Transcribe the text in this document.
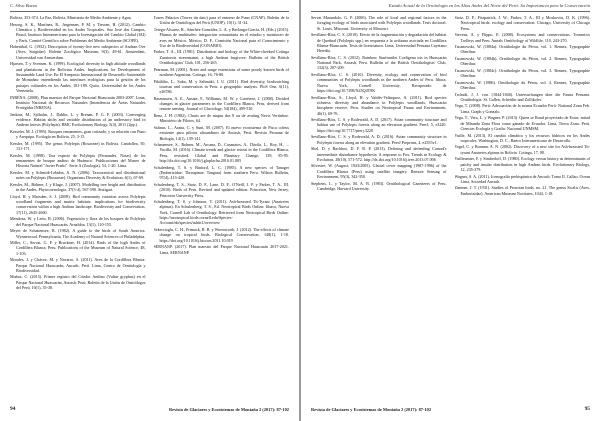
C. Silva Baeza

Bolivia, 353-374. La Paz, Bolivia, Ministerio de Medio Ambiente y Agua.

Herzog, S. K., Martínez, R., Jørgensen, P. M. y Tiessen, H. (2012). Cambio Climático y Biodiversidad en los Andes Tropicales. Sao José dos Campos, Brasil, Instituto Interamericano para la Investigación del Cambio Global (IAI) y París, Comité Científico sobre Problemas del Medio Ambiente (SCOPE).

Hohenthal, G. (1952). Description of twenty-five new subspecies of Andean Ove (Aves, Strigidae). Boletín Zoológico Museum, 9(3), 49-61. Amsterdam, Universidad van Amsterdam.

Hjarsen, T. y Svensen, K. (1999). Ecological diversity in high altitude woodlands and plantations in the Bolivian Andes. Implications for Development of Sustainable Land Use. En El Simposio Internacional de Desarrollo Sustentable de Montañas: entendiendo las interfases ecológicas para la gestión de los paisajes culturales en los Andes, 181-189. Quito, Universidad de los Andes Venezuela.

INRENA. (2008). Plan maestro del Parque Nacional Huascarán 2003-2007. Lima, Instituto Nacional de Recursos Naturales (Intendencia de Áreas Naturales Protegidas INRENA).

Jenkins, M., Sjöholm, J., Dahlin, L. y Brenan, P. G. F. (2003). Converging evidence. Habitat shifts and variable distribution of an understory bird in Andean forests (Polylepis). BMC Evolutionary Biology, 5(4), 2011 (2pp.).

Kesseler, M. J. (1995). Bosques remanentes, gran cotizado, y su relación con Puno y Arequipa. Ecología en Bolivia, 25, 3-15.

Kessler, M. (1995). The genus Polylepis (Rosaceae) in Bolivia. Candollea, 50, 131-171.

Kessler, M. (1998). Una especie de Polylepis (Fernandes, Notas) de los remanentes de bosque andino de Huánuco. Publicaciones del Museo de Historia Natural "Javier Prado". Serie A (Zoología), 54, 1-20. Lima.

Kessler, M. y Schmidt-Lebuhn, A. N. (2006). Taxonomical and distributional notes on Polylepis (Rosaceae). Organisms Diversity & Evolution, 6(1), 67-69.

Kessler, M., Böhner, J. y Kluge, J. (2007). Modelling tree height and distribution in the Andes. Phytocoenologia, 37(3-4), 567-590. Stuttgart.

Lloyd, H. y Marsden, S. J. (2008). Bird community variation across Polylepis woodland fragments and matrix habitats: implications for biodiversity conservation within a high Andean landscape. Biodiversity and Conservation, 17(11), 2645-2660.

Mendoza, W. y León, B. (2006). Vegetación y flora de los bosques de Polylepis del Parque Nacional Huascarán. Arnaldoa, 13(1), 110-155.

Meyer de Schauensee, R. (1982). A guide to the birds of South America. Wynnewood, Pennsylvania, The Academy of Natural Sciences of Philadelphia.

Miller, C., Servat, G. P. y Bruckner, H. (2014). Birds of the high Andes of Cordillera Blanca, Peru. Publications of the Museum of Natural Science, 48, 1-103.

Morales, J. y Chávez, M. y Navarro, S. (2011). Aves de la Cordillera Blanca: Parque Nacional Huascarán, Ancash, Perú. Lima, Centro de Ornitología y Biodiversidad.

Muñoz, C. (2015). Primer registro del Cóndor Andino (Vultur gryphus) en el Parque Nacional Huascarán, Ancash, Perú. Boletín de la Unión de Ornitólogos del Perú, 10(1), 35-38.

Torres Palacios (Torres tin dato) para el entorno de Puno (CNAP). Boletín de la Unión de Ornitólogos del Perú (UNOP), 10(1), 31-34.

Ortega-Alvarez, R., Sánchez-González, L. A. y Berlanga-García, H. (Eds.) (2015). Plumas de multitudes: integración comunitaria en el estudio y monitoreo de aves en México. México, D. F., Comisión Nacional para el Conocimiento y Uso de la Biodiversidad (CONABIO).

Parker, T. A., III. (1981). Distribution and biology of the White-cheeked Cotinga Zaratornis stresemanni, a high Andean frugivore. Bulletin of the British Ornithologists' Club, 101, 256-265.

Pearman, M. (2001). Notes and range extensions of some poorly known birds of northern Argentina. Cotinga, 16, 76-80.

Pikäläho, L., Suba, M. y Salimäki, I. U. (2011). Bird diversity, birdwatching tourism and conservation in Peru: a geographic analysis. PloS One, 6(11), e26786.

Rasmussen, A. E., Ansate, F., Williams, M. W. y Gutiérrez, J. (2008). Divided changes in glacier parameters in the Cordillera Blanca, Peru, derived from remote sensing. Journal of Glaciology, 54(184), 499-510.

Renz, J. H. (1982). Charts are de mapas dos 8 ou de avaiing Nevis Vertinhoe. Ministério de Pilotos, 64.

Salinas, L., Arana, C. y Suni, M. (2007). El nuevo ecosistema de Pisca coleus existente para pilotos altoandinos de Ancash, Perú. Revista Peruana de Biología, 14(1), 139-141.

Schauensee, S., Bohner, M., Arcana, D., Casanatos, A., Dávila, L., Roy, H., ... Yucilla, M. (2016). Climate trends and glacier retreat in the Cordillera Blanca, Peru, revisited. Global and Planetary Change, 139, 85-95. http://dx.doi.org/10.1016/j.gloplacha.2016.01.005

Schulenberg, T. S. y Binford, L. C. (1985). A new species of Tanager (Emberizidae: Thraupinae, Tangara) from southern Peru. Wilson Bulletin, 97(4), 413-420.

Schulenberg, T. S., Stotz, D. F., Lane, D. F., O'Neill, J. P. y Parker, T. A., III. (2010). Birds of Peru. Revised and updated edition. Princeton, New Jersey, Princeton University Press.

Schulenberg, T. S. y Johnson, T. (2011). Ash-breasted Tit-Tyrant (Anairetes alpinus). En Schulenberg, T. S., Ed. Neotropical Birds Online. Ithaca, Nueva York, Cornell Lab of Ornithology. Retrieved from Neotropical Birds Online: https://neotropical.birds.cornell.edu/Species-Account/nb/species/asbtit1/overview

Sekercioglu, C. H., Primack, R. B. y Wormworth, J. (2012). The effects of climate change on tropical birds. Biological Conservation, 148(1), 1-18. https://doi.org/10.1016/j.biocon.2011.10.019

SERNANP. (2017). Plan maestro del Parque Nacional Huascarán 2017-2021. Lima, SERNANP.

94	Revista de Glaciares y Ecosistemas de Montaña 2 (2017): 87-102
Estado Actual de la Ornitología en los Altos Andes del Norte del Perú: Su Importancia para la Conservación

Servat Marandolo, G. P. (2006). The role of local and regional factors in the foraging ecology of birds associated with Polylepis woodlands. Tesis doctoral. St. Louis, Missouri, University of Missouri.

Sevillano-Ríos, C. S. (2010). Efecto de la fragmentación y degradación del hábitat de Queñual (Polylepis spp.) en respuesta a la avifauna asociada en Cordillera Blanca-Huascarán. Tesis de licenciatura. Lima, Universidad Peruana Cayetano Heredia.

Sevillano-Ríos, C. S. (2012). Rainbow Starfrontlet Coeligena iris in Huascarán National Park, Ancash, Peru. Bulletin of the British Ornithologists' Club, 132(3), 207-209.

Sevillano-Ríos, C. S. (2016). Diversity, ecology and conservation of bird communities of Polylepis woodlands in the northern Andes of Peru. Ithaca, Nueva York, Cornell University. Recuperado de https://doi.org/10.7298/X45Q4T9K

Sevillano-Ríos, S., Lloyd, H. y Valdés-Velásquez, A. (2011). Bird species richness, diversity and abundance in Polylepis woodlands, Huascarán biosphere reserve, Peru. Studies on Neotropical Fauna and Environment, 46(1), 69-76.

Sevillano-Ríos, C. S. y Rodewald, A. D. (2017). Avian community structure and habitat use of Polylepis forests along an elevation gradient. PeerJ, 5, e3220. https://doi.org/10.7717/peerj.3220

Sevillano-Ríos, C. S. y Rodewald, A. D. (2016). Avian community structure in Polylepis forests along an elevation gradient. PeerJ Preprints, 4, e2555v1.

Shel, D. y Bachhoo, D. F. R. P. (2013). Defining and defending Conrad's intermediate disturbance hypothesis: A response to Fox. Trends in Ecology & Evolution, 28(10), 571-572. http://dx.doi.org/10.1016/j.tree.2013.07.006

Silvestre, W. (August, 1943/2005). Glacial cover mapping (1987-1996) of the Cordillera Blanca (Peru) using satellite imagery. Remote Sensing of Environment, 95(3), 342-350.

Stephens, L. y Taylor, M. A. B. (1983). Ornithological Gazetteers of Peru. Cambridge, Harvard University.

Stotz, D. F., Fitzpatrick, J. W., Parker, T. A., III y Moskovits, D. K. (1996). Neotropical birds: ecology and conservation. Chicago, University of Chicago Press.

Stevens, A. y Flippo, E. (2008). Ecosystems and conservations. Tronsetics Trolleys and Peru. Annals Ornithology of Wildlife, 110, 243-270.

Tacanowski, W. (1884a). Ornithologie du Pérou, vol. 1. Rennes, Typographie Oberthur.

Tacanowski, W. (1884b). Ornithologie du Pérou, vol. 2. Rennes, Typographie Oberthur.

Tacanowski, W. (1884c). Ornithologie du Pérou, vol. 3. Rennes, Typographie Oberthur.

Tacanowski, W. (1886). Ornithologie du Pérou, vol. 4. Rennes, Typographie Oberthur.

Tschudi, J. J. von. (1844-1846). Untersuchungen über die Fauna Peruana. Ornithologie. St. Gallen, Scheitlin und Zollikofer.

Vega, T. (2008). Perú: Adecuación de la norma Ecuador Perú: National Zona Feb. Lima, Graph y Gonzalo.

Vega, T., Vera, L. y Wagner, P. (2013). Quien se Rural proyectado de Estos: mitad de Miranda Zona Flora como ganado de Ecuador. Lima, Tierra Zona: Perú, Ciencias Ecología y Grafía: Nacional UNMSM.

Vuille, M. (2013). El cambio climático y los recursos hídricos en los Andes tropicales. Washington, D. C., Banco Interamericano de Desarrollo.

Vogel, C. y Bonnan, A. N. (2002). Discovery of a new site for Ash-breasted Tit-tyrant Anairetes alpinus in Bolivia. Cotinga, 17, 80.

Vuilleumier, F. y Simberloff, D. (1980). Ecology versus history as determinants of patchy and insular distribution in high Andean birds. Evolutionary Biology, 12, 235-379.

Wagner, S. A. (2011). Iconografía prehispánica de Ancash. Tomo II. Callao, Ocean Lima, Sociedad Ancash.

Zimmer, J. T. (1931). Studies of Peruvian birds, no. 21. The genus Sicalis (Aves, Emberizidae). American Museum Novitates, 1044, 1-18.

Revista de Glaciares y Ecosistemas de Montaña 2 (2017): 87-102	95
